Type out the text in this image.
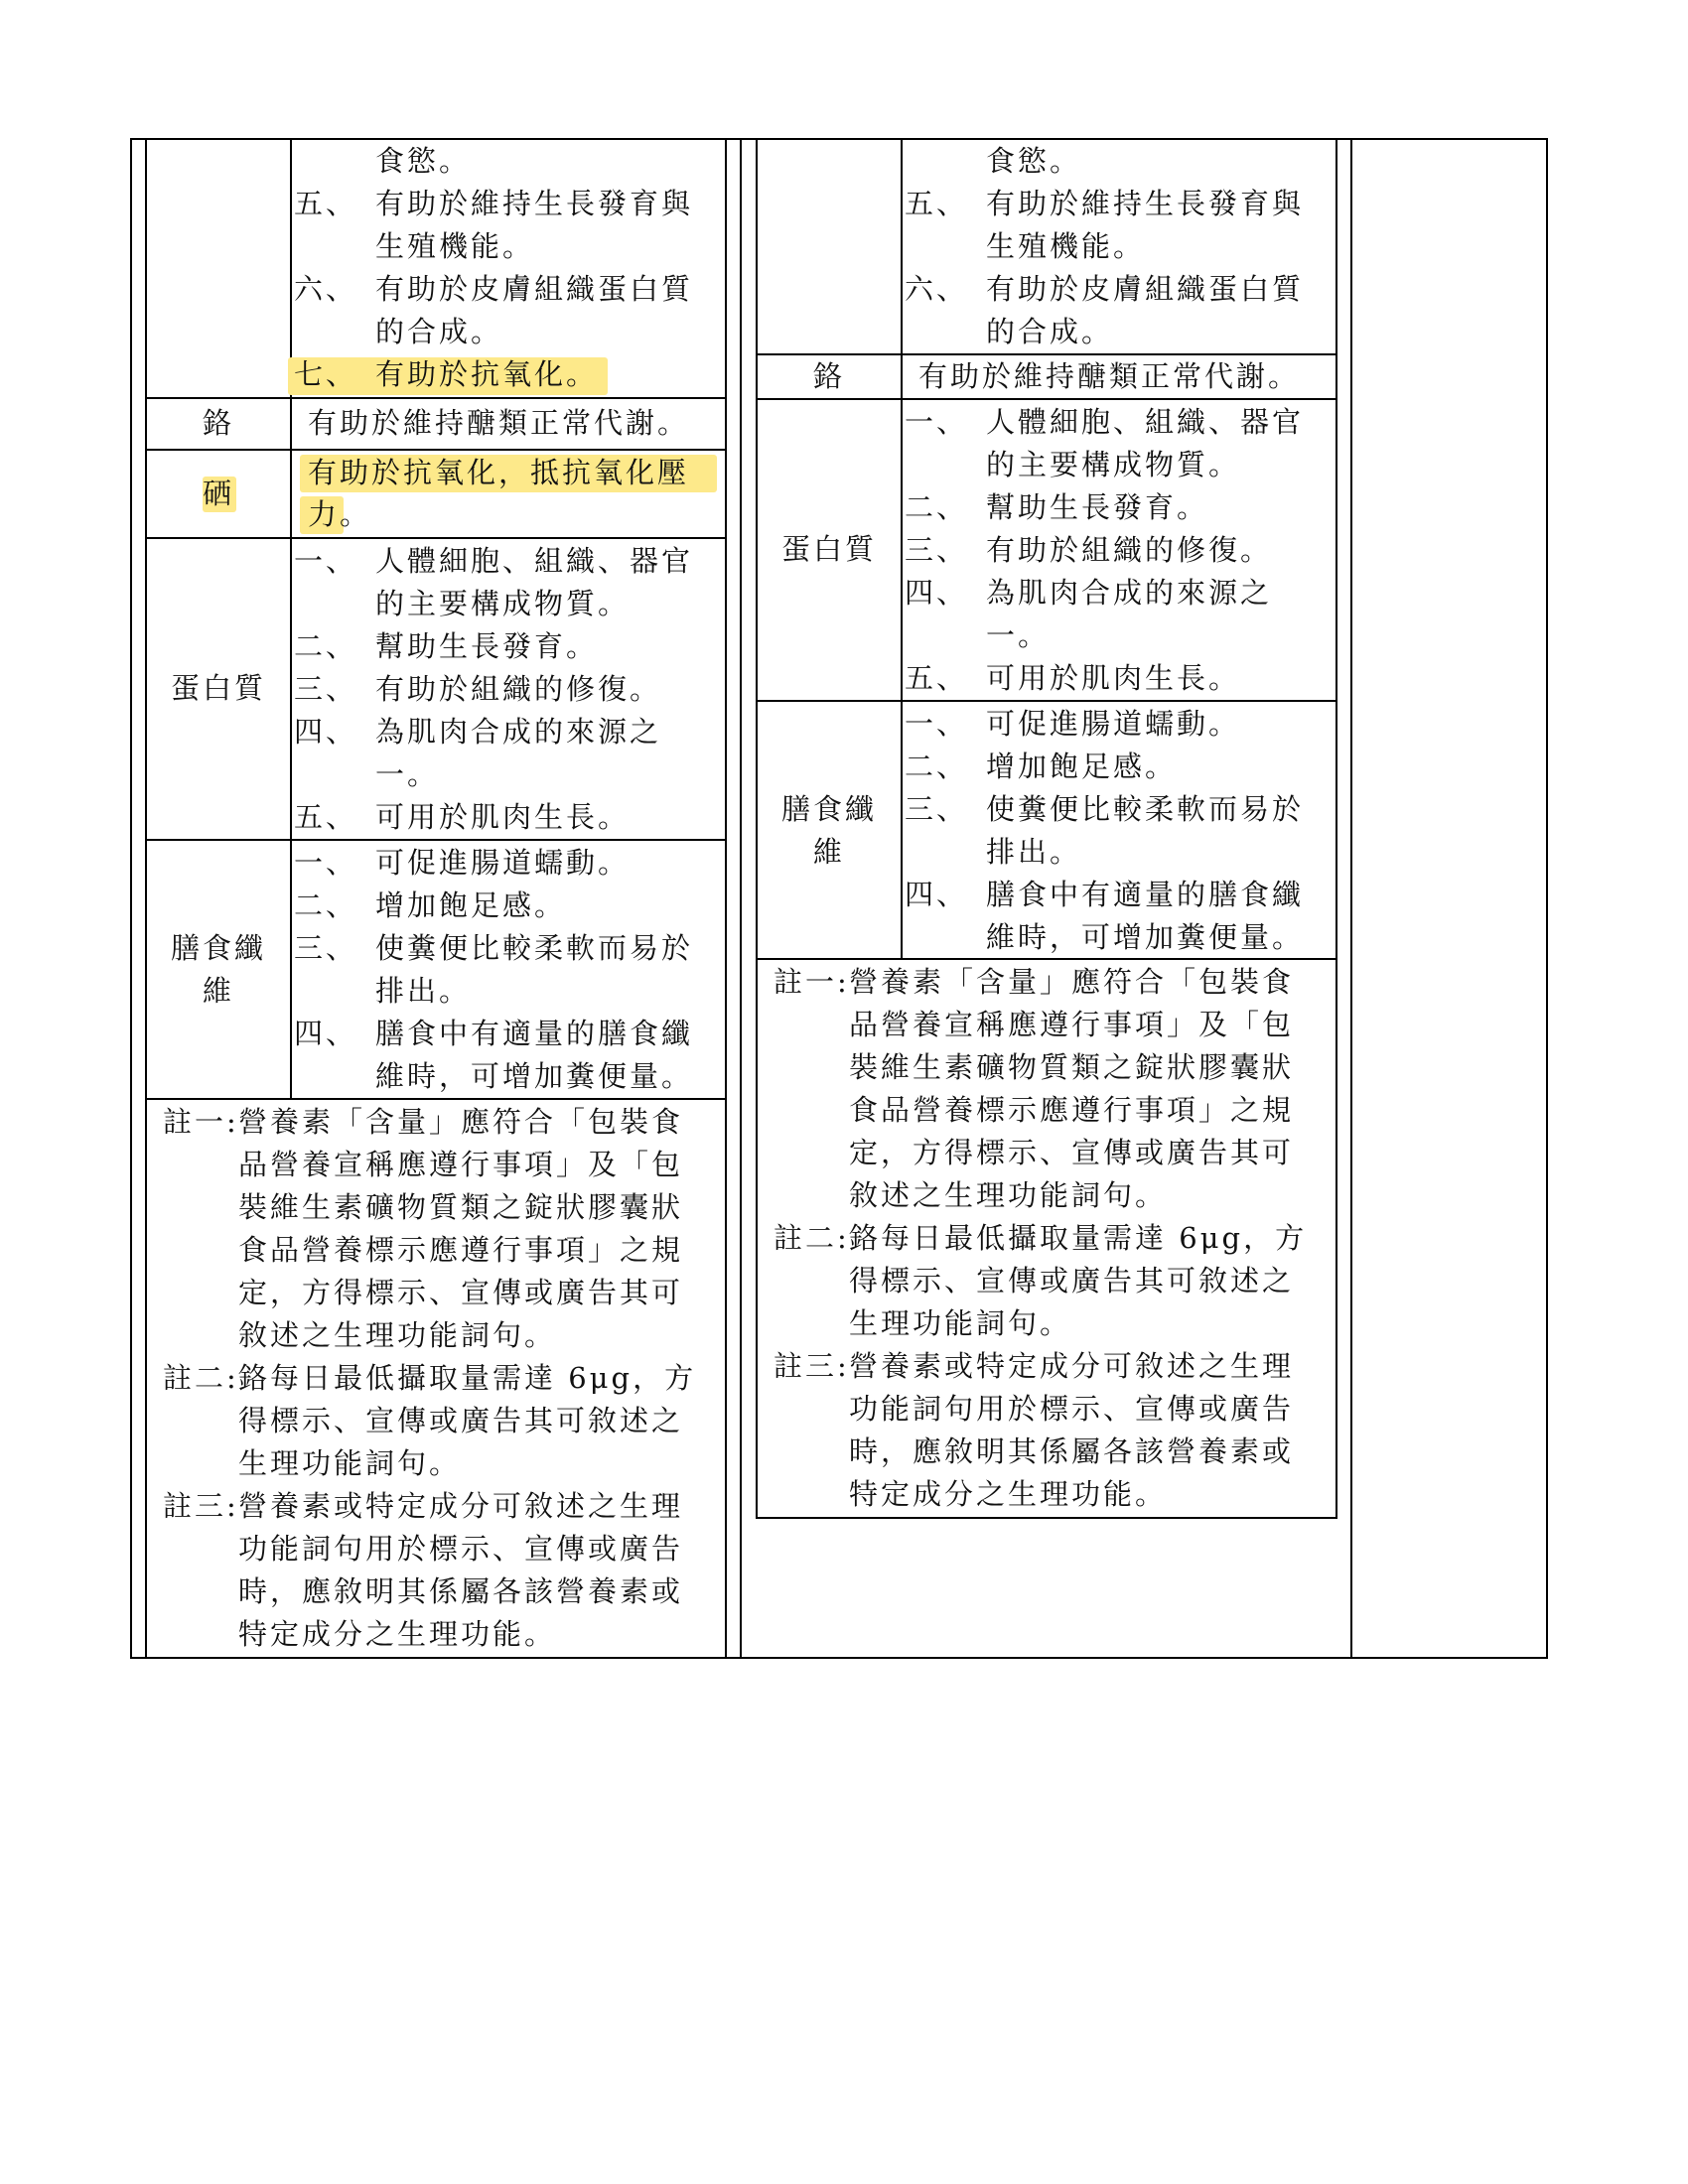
食慾。
五、 有助於維持生長發育與
生殖機能。
六、 有助於皮膚組織蛋白質
的合成。
七、 有助於抗氧化。
鉻	有助於維持醣類正常代謝。
硒
有助於抗氧化，抵抗氧化壓
力。
蛋白質
一、 人體細胞、組織、器官
的主要構成物質。
二、 幫助生長發育。
三、 有助於組織的修復。
四、 為肌肉合成的來源之
一。
五、 可用於肌肉生長。
膳食纖
維
一、 可促進腸道蠕動。
二、 增加飽足感。
三、 使糞便比較柔軟而易於
排出。
四、 膳食中有適量的膳食纖
維時，可增加糞便量。
註一: 營養素「含量」應符合「包裝食
品營養宣稱應遵行事項」及「包
裝維生素礦物質類之錠狀膠囊狀
食品營養標示應遵行事項」之規
定，方得標示、宣傳或廣告其可
敘述之生理功能詞句。
註二: 鉻每日最低攝取量需達 6μg，方
得標示、宣傳或廣告其可敘述之
生理功能詞句。
註三: 營養素或特定成分可敘述之生理
功能詞句用於標示、宣傳或廣告
時，應敘明其係屬各該營養素或
特定成分之生理功能。
食慾。
五、 有助於維持生長發育與
生殖機能。
六、 有助於皮膚組織蛋白質
的合成。
鉻	有助於維持醣類正常代謝。
蛋白質
一、 人體細胞、組織、器官
的主要構成物質。
二、 幫助生長發育。
三、 有助於組織的修復。
四、 為肌肉合成的來源之
一。
五、 可用於肌肉生長。
膳食纖
維
一、 可促進腸道蠕動。
二、 增加飽足感。
三、 使糞便比較柔軟而易於
排出。
四、 膳食中有適量的膳食纖
維時，可增加糞便量。
註一: 營養素「含量」應符合「包裝食
品營養宣稱應遵行事項」及「包
裝維生素礦物質類之錠狀膠囊狀
食品營養標示應遵行事項」之規
定，方得標示、宣傳或廣告其可
敘述之生理功能詞句。
註二: 鉻每日最低攝取量需達 6μg，方
得標示、宣傳或廣告其可敘述之
生理功能詞句。
註三: 營養素或特定成分可敘述之生理
功能詞句用於標示、宣傳或廣告
時，應敘明其係屬各該營養素或
特定成分之生理功能。
